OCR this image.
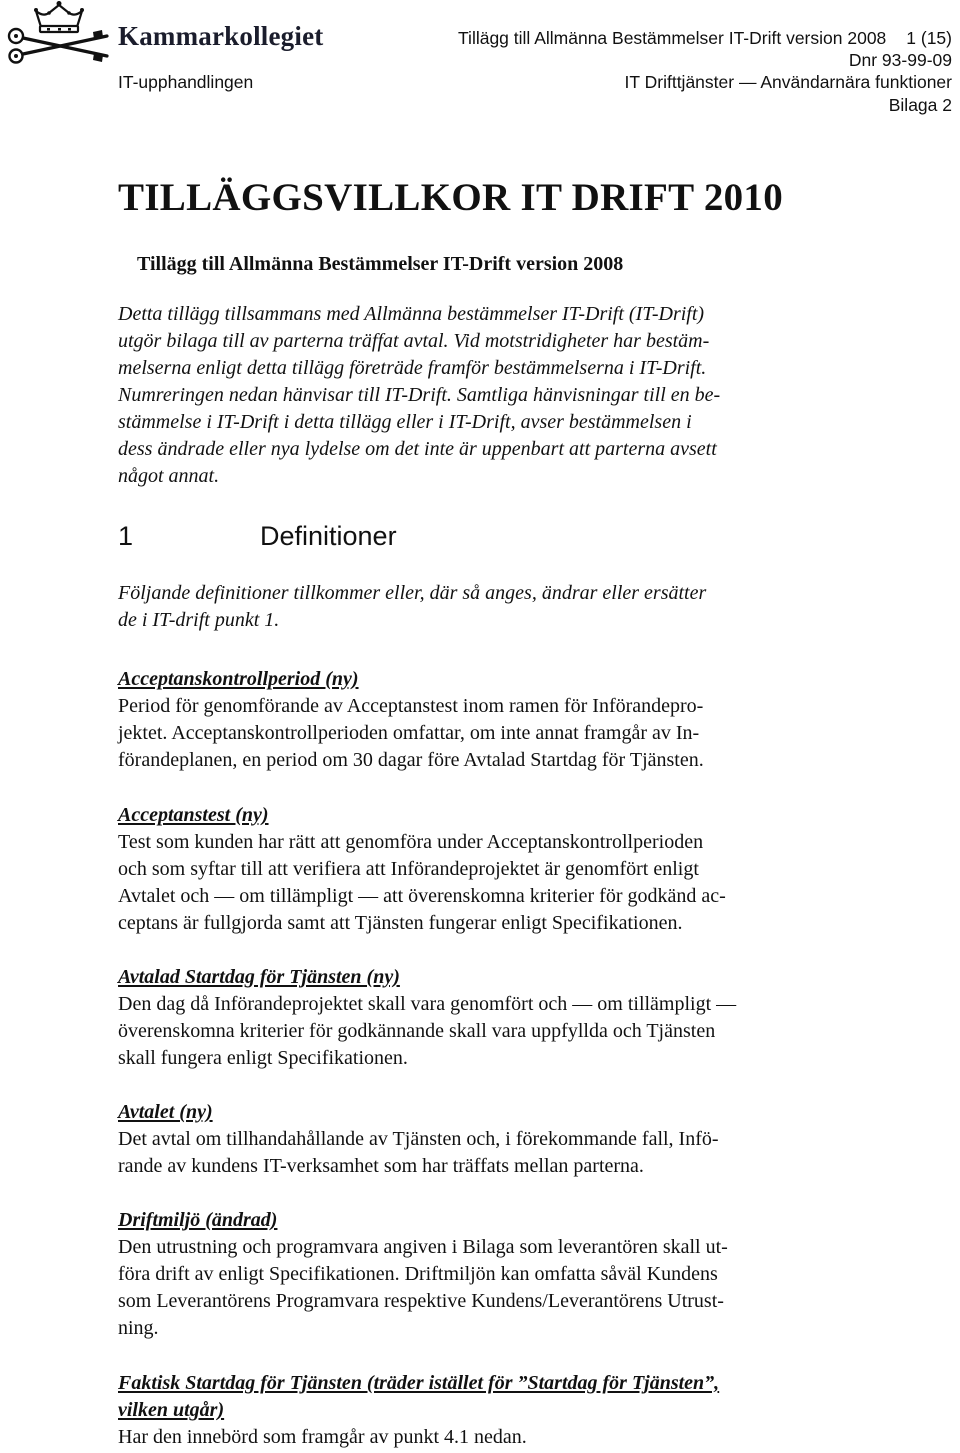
Kammarkollegiet	Tillägg till Allmänna Bestämmelser IT-Drift version 2008 1 (15)
Dnr 93-99-09
IT-upphandlingen	IT Drifttjänster — Användarnära funktioner
Bilaga 2
TILLÄGGSVILLKOR IT DRIFT 2010
Tillägg till Allmänna Bestämmelser IT-Drift version 2008
Detta tillägg tillsammans med Allmänna bestämmelser IT-Drift (IT-Drift)
utgör bilaga till av parterna träffat avtal. Vid motstridigheter har bestäm-
melserna enligt detta tillägg företräde framför bestämmelserna i IT-Drift.
Numreringen nedan hänvisar till IT-Drift. Samtliga hänvisningar till en be-
stämmelse i IT-Drift i detta tillägg eller i IT-Drift, avser bestämmelsen i
dess ändrade eller nya lydelse om det inte är uppenbart att parterna avsett
något annat.
1	Definitioner
Följande definitioner tillkommer eller, där så anges, ändrar eller ersätter
de i IT-drift punkt 1.
Acceptanskontrollperiod (ny)
Period för genomförande av Acceptanstest inom ramen för Införandepro-
jektet. Acceptanskontrollperioden omfattar, om inte annat framgår av In-
förandeplanen, en period om 30 dagar före Avtalad Startdag för Tjänsten.
Acceptanstest (ny)
Test som kunden har rätt att genomföra under Acceptanskontrollperioden
och som syftar till att verifiera att Införandeprojektet är genomfört enligt
Avtalet och — om tillämpligt — att överenskomna kriterier för godkänd ac-
ceptans är fullgjorda samt att Tjänsten fungerar enligt Specifikationen.
Avtalad Startdag för Tjänsten (ny)
Den dag då Införandeprojektet skall vara genomfört och — om tillämpligt —
överenskomna kriterier för godkännande skall vara uppfyllda och Tjänsten
skall fungera enligt Specifikationen.
Avtalet (ny)
Det avtal om tillhandahållande av Tjänsten och, i förekommande fall, Infö-
rande av kundens IT-verksamhet som har träffats mellan parterna.
Driftmiljö (ändrad)
Den utrustning och programvara angiven i Bilaga som leverantören skall ut-
föra drift av enligt Specifikationen. Driftmiljön kan omfatta såväl Kundens
som Leverantörens Programvara respektive Kundens/Leverantörens Utrust-
ning.
Faktisk Startdag för Tjänsten (träder istället för ”Startdag för Tjänsten”,
vilken utgår)
Har den innebörd som framgår av punkt 4.1 nedan.
